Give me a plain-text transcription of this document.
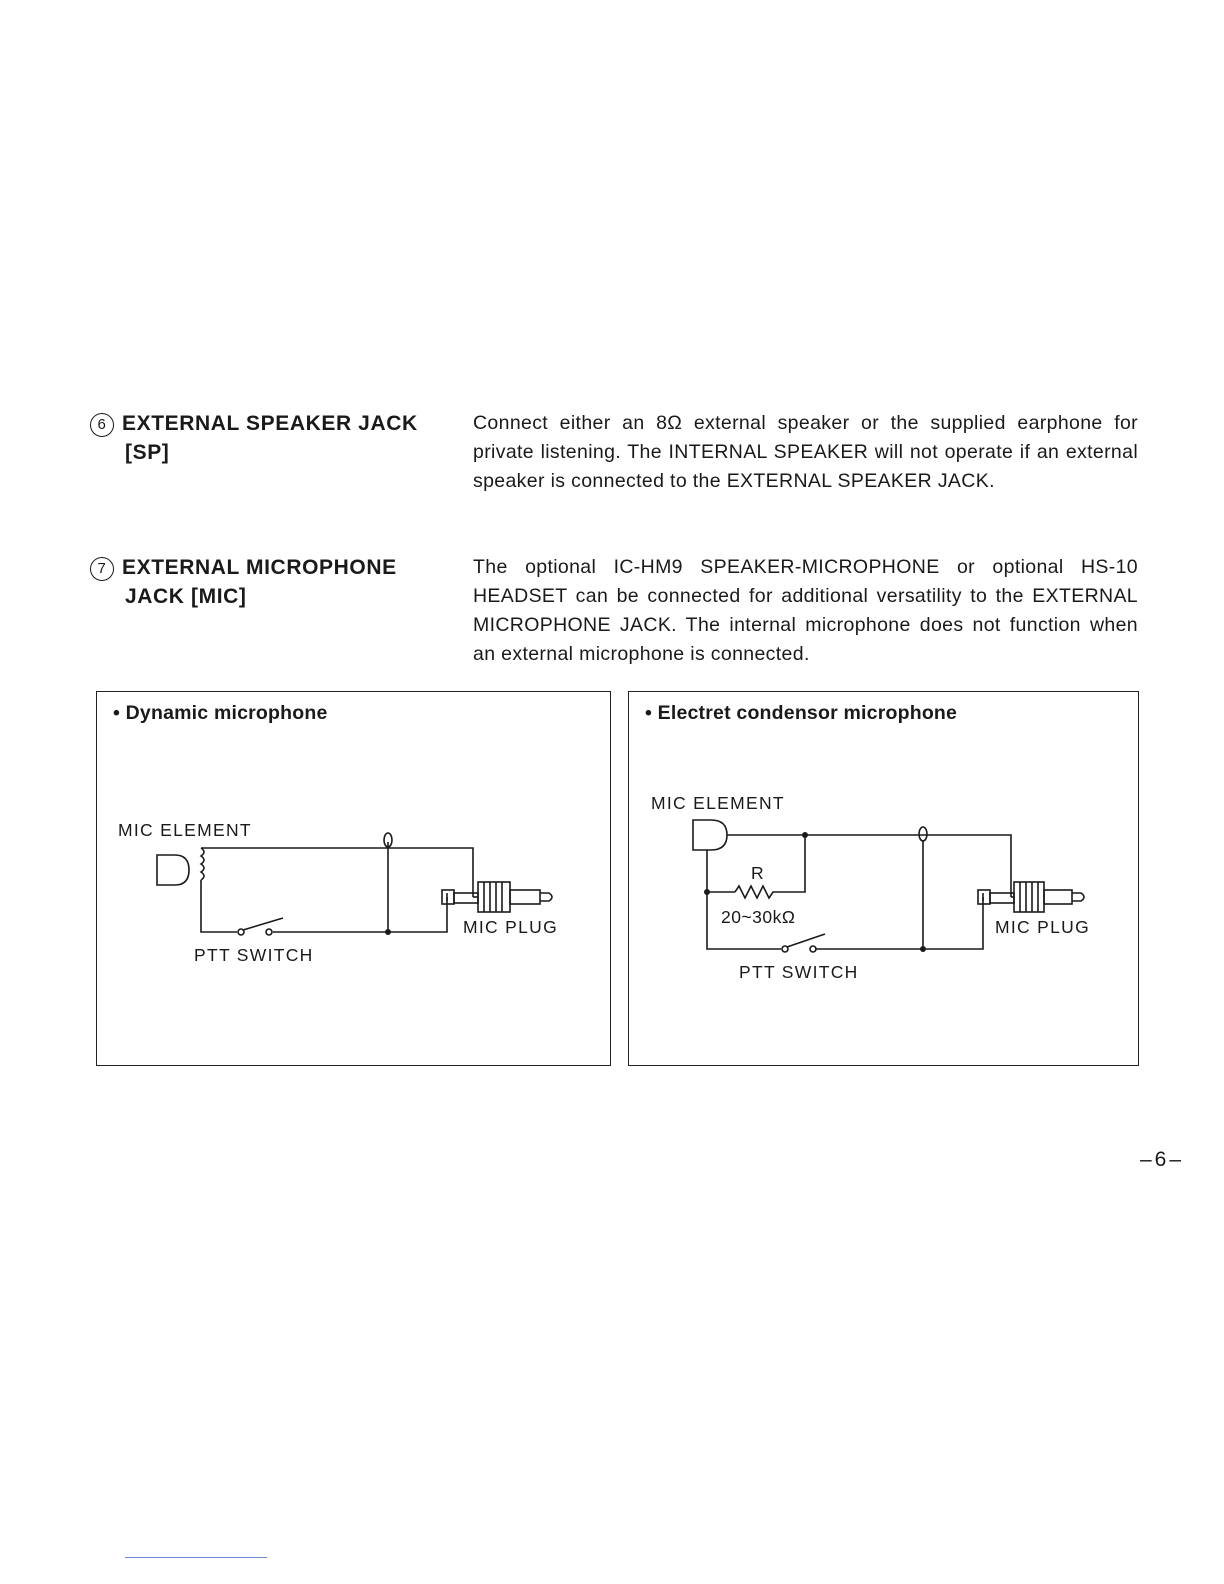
6 EXTERNAL SPEAKER JACK
[SP]
Connect either an 8Ω external speaker or the supplied earphone for private listening. The INTERNAL SPEAKER will not operate if an external speaker is connected to the EXTERNAL SPEAKER JACK.
7 EXTERNAL MICROPHONE
JACK [MIC]
The optional IC-HM9 SPEAKER-MICROPHONE or optional HS-10 HEADSET can be connected for additional versatility to the EXTERNAL MICROPHONE JACK. The internal microphone does not function when an external microphone is connected.
• Dynamic microphone
MIC ELEMENT
PTT SWITCH
MIC PLUG
• Electret condensor microphone
MIC ELEMENT
R
20~30kΩ
PTT SWITCH
MIC PLUG
–6–
